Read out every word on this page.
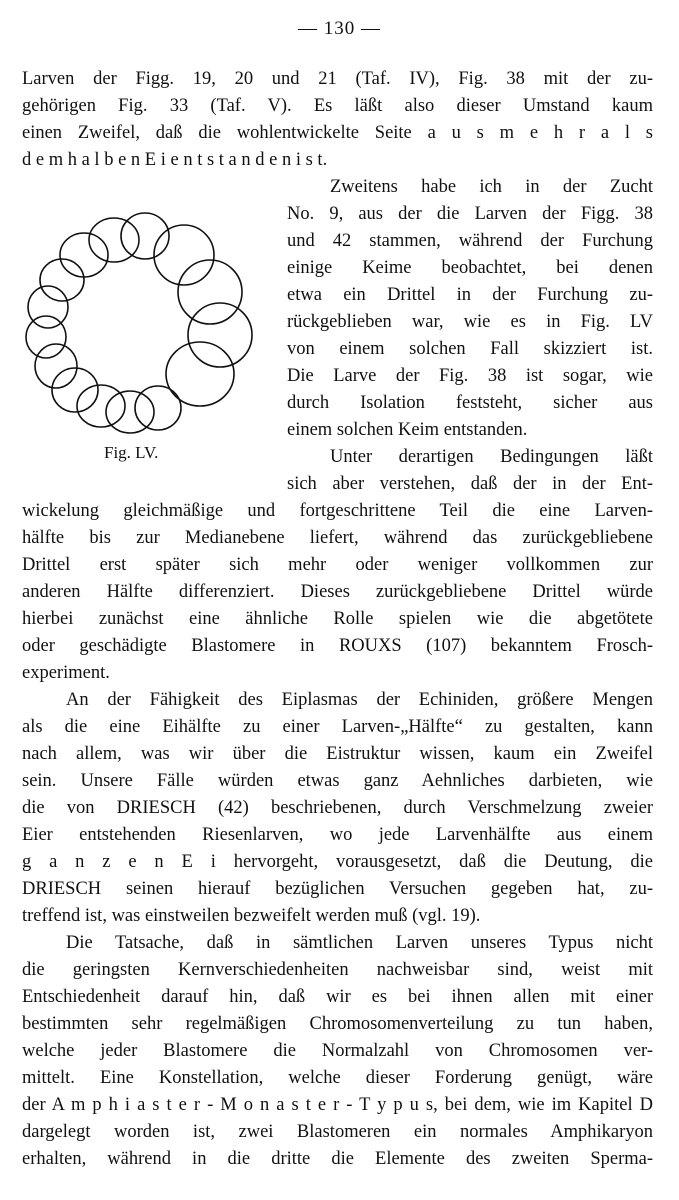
— 130 —
Fig. LV.
Larven der Figg. 19, 20 und 21 (Taf. IV), Fig. 38 mit der zu-
gehörigen Fig. 33 (Taf. V). Es läßt also dieser Umstand kaum
einen Zweifel, daß die wohlentwickelte Seite a u s m e h r a l s
d e m h a l b e n E i e n t s t a n d e n i s t.
Zweitens habe ich in der Zucht
No. 9, aus der die Larven der Figg. 38
und 42 stammen, während der Furchung
einige Keime beobachtet, bei denen
etwa ein Drittel in der Furchung zu-
rückgeblieben war, wie es in Fig. LV
von einem solchen Fall skizziert ist.
Die Larve der Fig. 38 ist sogar, wie
durch Isolation feststeht, sicher aus
einem solchen Keim entstanden.
Unter derartigen Bedingungen läßt
sich aber verstehen, daß der in der Ent-
wickelung gleichmäßige und fortgeschrittene Teil die eine Larven-
hälfte bis zur Medianebene liefert, während das zurückgebliebene
Drittel erst später sich mehr oder weniger vollkommen zur
anderen Hälfte differenziert. Dieses zurückgebliebene Drittel würde
hierbei zunächst eine ähnliche Rolle spielen wie die abgetötete
oder geschädigte Blastomere in ROUXS (107) bekanntem Frosch-
experiment.
An der Fähigkeit des Eiplasmas der Echiniden, größere Mengen
als die eine Eihälfte zu einer Larven-„Hälfte“ zu gestalten, kann
nach allem, was wir über die Eistruktur wissen, kaum ein Zweifel
sein. Unsere Fälle würden etwas ganz Aehnliches darbieten, wie
die von DRIESCH (42) beschriebenen, durch Verschmelzung zweier
Eier entstehenden Riesenlarven, wo jede Larvenhälfte aus einem
g a n z e n E i hervorgeht, vorausgesetzt, daß die Deutung, die
DRIESCH seinen hierauf bezüglichen Versuchen gegeben hat, zu-
treffend ist, was einstweilen bezweifelt werden muß (vgl. 19).
Die Tatsache, daß in sämtlichen Larven unseres Typus nicht
die geringsten Kernverschiedenheiten nachweisbar sind, weist mit
Entschiedenheit darauf hin, daß wir es bei ihnen allen mit einer
bestimmten sehr regelmäßigen Chromosomenverteilung zu tun haben,
welche jeder Blastomere die Normalzahl von Chromosomen ver-
mittelt. Eine Konstellation, welche dieser Forderung genügt, wäre
der A m p h i a s t e r - M o n a s t e r - T y p u s, bei dem, wie im Kapitel D
dargelegt worden ist, zwei Blastomeren ein normales Amphikaryon
erhalten, während in die dritte die Elemente des zweiten Sperma-
